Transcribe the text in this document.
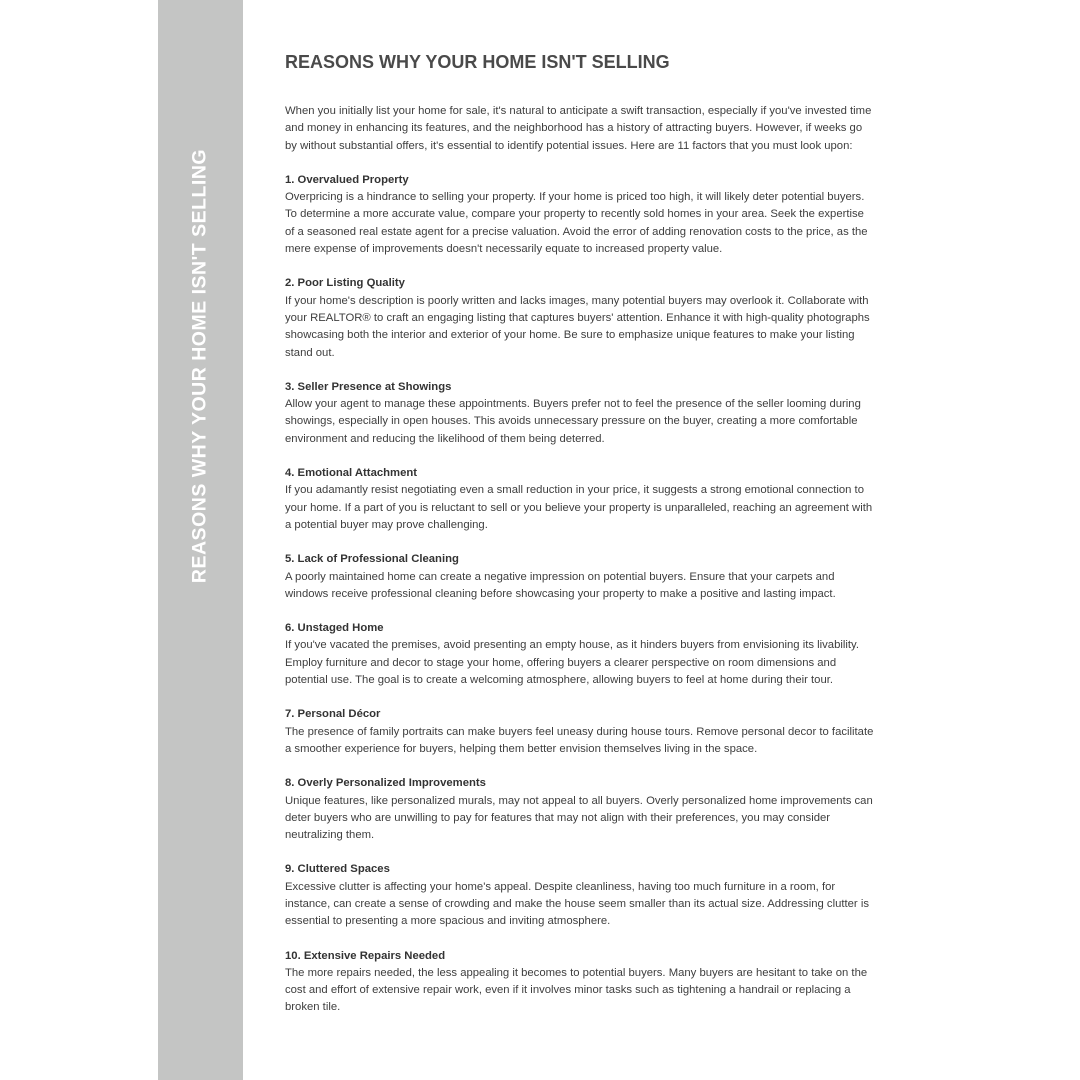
REASONS WHY YOUR HOME ISN'T SELLING
REASONS WHY YOUR HOME ISN'T SELLING

When you initially list your home for sale, it's natural to anticipate a swift transaction, especially if you've invested time and money in enhancing its features, and the neighborhood has a history of attracting buyers. However, if weeks go by without substantial offers, it's essential to identify potential issues. Here are 11 factors that you must look upon:

1. Overvalued Property

Overpricing is a hindrance to selling your property. If your home is priced too high, it will likely deter potential buyers. To determine a more accurate value, compare your property to recently sold homes in your area. Seek the expertise of a seasoned real estate agent for a precise valuation. Avoid the error of adding renovation costs to the price, as the mere expense of improvements doesn't necessarily equate to increased property value.

2. Poor Listing Quality

If your home's description is poorly written and lacks images, many potential buyers may overlook it. Collaborate with your REALTOR® to craft an engaging listing that captures buyers' attention. Enhance it with high-quality photographs showcasing both the interior and exterior of your home. Be sure to emphasize unique features to make your listing stand out.

3. Seller Presence at Showings

Allow your agent to manage these appointments. Buyers prefer not to feel the presence of the seller looming during showings, especially in open houses. This avoids unnecessary pressure on the buyer, creating a more comfortable environment and reducing the likelihood of them being deterred.

4. Emotional Attachment

If you adamantly resist negotiating even a small reduction in your price, it suggests a strong emotional connection to your home. If a part of you is reluctant to sell or you believe your property is unparalleled, reaching an agreement with a potential buyer may prove challenging.

5. Lack of Professional Cleaning

A poorly maintained home can create a negative impression on potential buyers. Ensure that your carpets and windows receive professional cleaning before showcasing your property to make a positive and lasting impact.

6. Unstaged Home

If you've vacated the premises, avoid presenting an empty house, as it hinders buyers from envisioning its livability. Employ furniture and decor to stage your home, offering buyers a clearer perspective on room dimensions and potential use. The goal is to create a welcoming atmosphere, allowing buyers to feel at home during their tour.

7. Personal Décor

The presence of family portraits can make buyers feel uneasy during house tours. Remove personal decor to facilitate a smoother experience for buyers, helping them better envision themselves living in the space.

8. Overly Personalized Improvements

Unique features, like personalized murals, may not appeal to all buyers. Overly personalized home improvements can deter buyers who are unwilling to pay for features that may not align with their preferences, you may consider neutralizing them.

9. Cluttered Spaces

Excessive clutter is affecting your home's appeal. Despite cleanliness, having too much furniture in a room, for instance, can create a sense of crowding and make the house seem smaller than its actual size. Addressing clutter is essential to presenting a more spacious and inviting atmosphere.

10. Extensive Repairs Needed

The more repairs needed, the less appealing it becomes to potential buyers. Many buyers are hesitant to take on the cost and effort of extensive repair work, even if it involves minor tasks such as tightening a handrail or replacing a broken tile.
